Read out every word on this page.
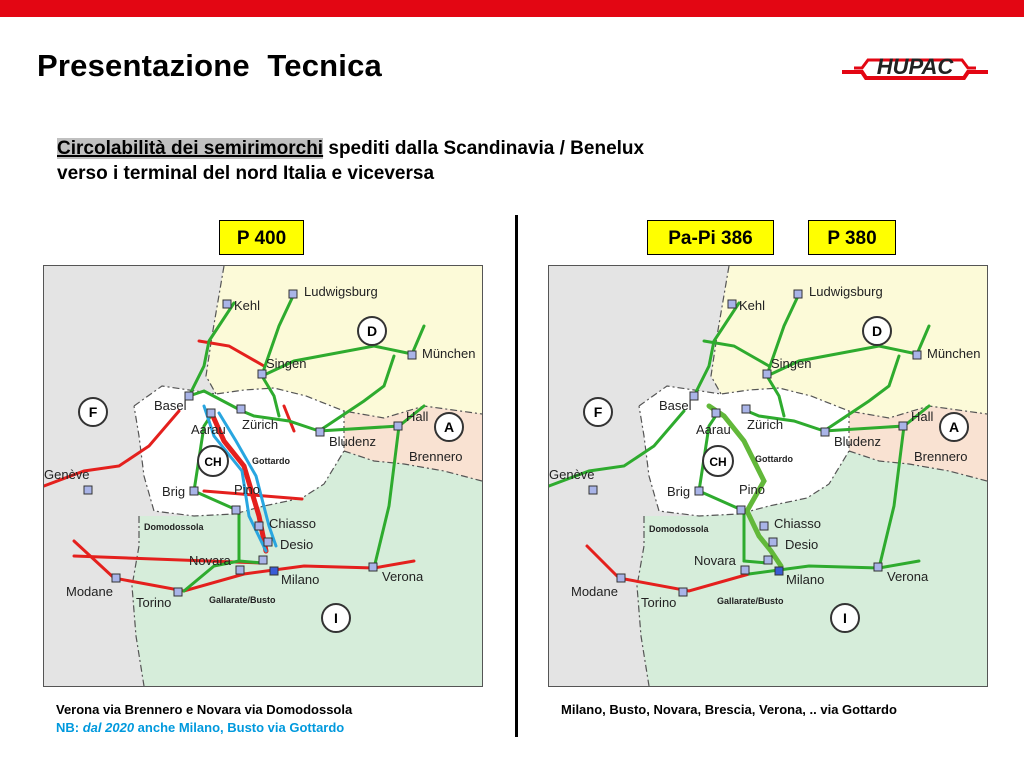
Presentazione  Tecnica	HUPAC
Circolabilità dei semirimorchi spediti dalla Scandinavia / Benelux
verso i terminal del nord Italia e viceversa
P 400	Pa-Pi 386	P 380
Kehl
Ludwigsburg
Singen
München
Basel
Zürich
Aarau
Hall
Bludenz
Brennero
Genève
Brig	Pino
Chiasso
Desio
Novara
Milano	Verona
Modane
Torino
Gottardo
Domodossola
Gallarate/Busto
D
F
CH
A
I
Kehl
Ludwigsburg
Singen
München
Basel
Zürich
Aarau
Hall
Bludenz
Brennero
Genève
Brig	Pino
Chiasso
Desio
Novara
Milano	Verona
Modane
Torino
Gottardo
Domodossola
Gallarate/Busto
D
F
CH
A
I
Verona via Brennero e Novara via Domodossola
NB: dal 2020 anche Milano, Busto via Gottardo
Milano, Busto, Novara, Brescia, Verona, .. via Gottardo
